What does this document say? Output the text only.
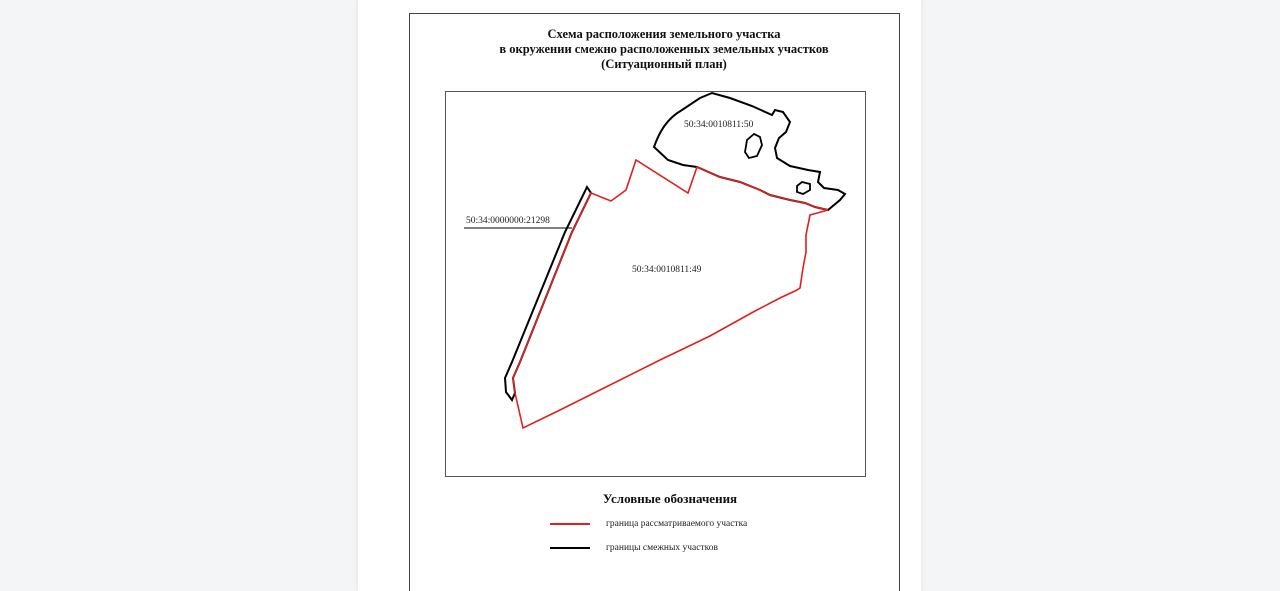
Схема расположения земельного участка
в окружении смежно расположенных земельных участков
(Ситуационный план)
50:34:0010811:50
50:34:0000000:21298
50:34:0010811:49
Условные обозначения
граница рассматриваемого участка
границы смежных участков
